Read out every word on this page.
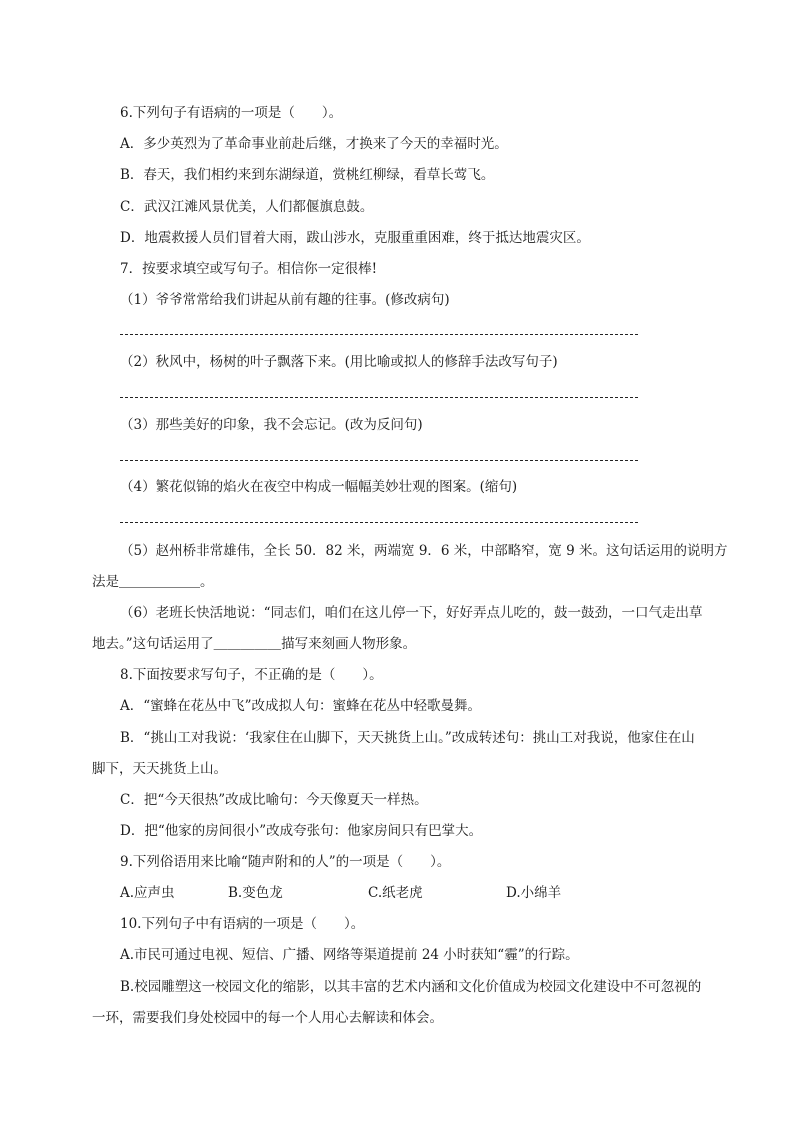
6.下列句子有语病的一项是（　　）。
A．多少英烈为了革命事业前赴后继，才换来了今天的幸福时光。
B．春天，我们相约来到东湖绿道，赏桃红柳绿，看草长莺飞。
C．武汉江滩风景优美，人们都偃旗息鼓。
D．地震救援人员们冒着大雨，跋山涉水，克服重重困难，终于抵达地震灾区。
7．按要求填空或写句子。相信你一定很棒!
（1）爷爷常常给我们讲起从前有趣的往事。(修改病句)
（2）秋风中，杨树的叶子飘落下来。(用比喻或拟人的修辞手法改写句子)
（3）那些美好的印象，我不会忘记。(改为反问句)
（4）繁花似锦的焰火在夜空中构成一幅幅美妙壮观的图案。(缩句)
（5）赵州桥非常雄伟，全长 50．82 米，两端宽 9．6 米，中部略窄，宽 9 米。这句话运用的说明方
法是＿＿＿＿＿＿。
（6）老班长快活地说：“同志们，咱们在这儿停一下，好好弄点儿吃的，鼓一鼓劲，一口气走出草
地去。”这句话运用了＿＿＿＿＿描写来刻画人物形象。
8.下面按要求写句子，不正确的是（　　）。
A．“蜜蜂在花丛中飞”改成拟人句：蜜蜂在花丛中轻歌曼舞。
B．“挑山工对我说：‘我家住在山脚下，天天挑货上山。”改成转述句：挑山工对我说，他家住在山
脚下，天天挑货上山。
C．把“今天很热”改成比喻句：今天像夏天一样热。
D．把“他家的房间很小”改成夸张句：他家房间只有巴掌大。
9.下列俗语用来比喻“随声附和的人”的一项是（　　）。
A.应声虫	B.变色龙	C.纸老虎	D.小绵羊
10.下列句子中有语病的一项是（　　）。
A.市民可通过电视、短信、广播、网络等渠道提前 24 小时获知“霾”的行踪。
B.校园雕塑这一校园文化的缩影，以其丰富的艺术内涵和文化价值成为校园文化建设中不可忽视的
一环，需要我们身处校园中的每一个人用心去解读和体会。
